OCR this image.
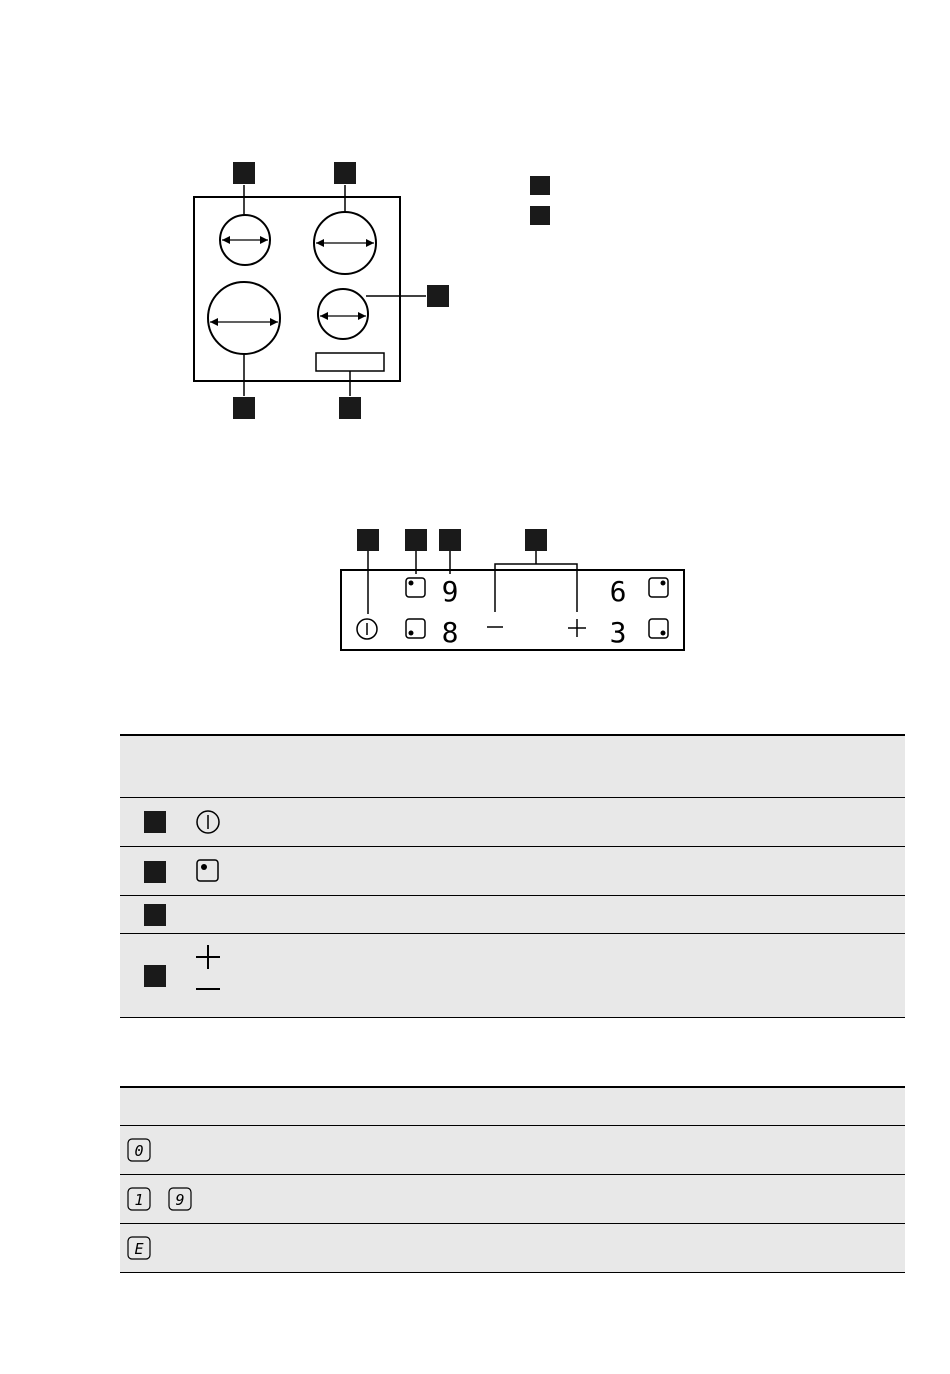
9
8
6
3
0
1 9
E
